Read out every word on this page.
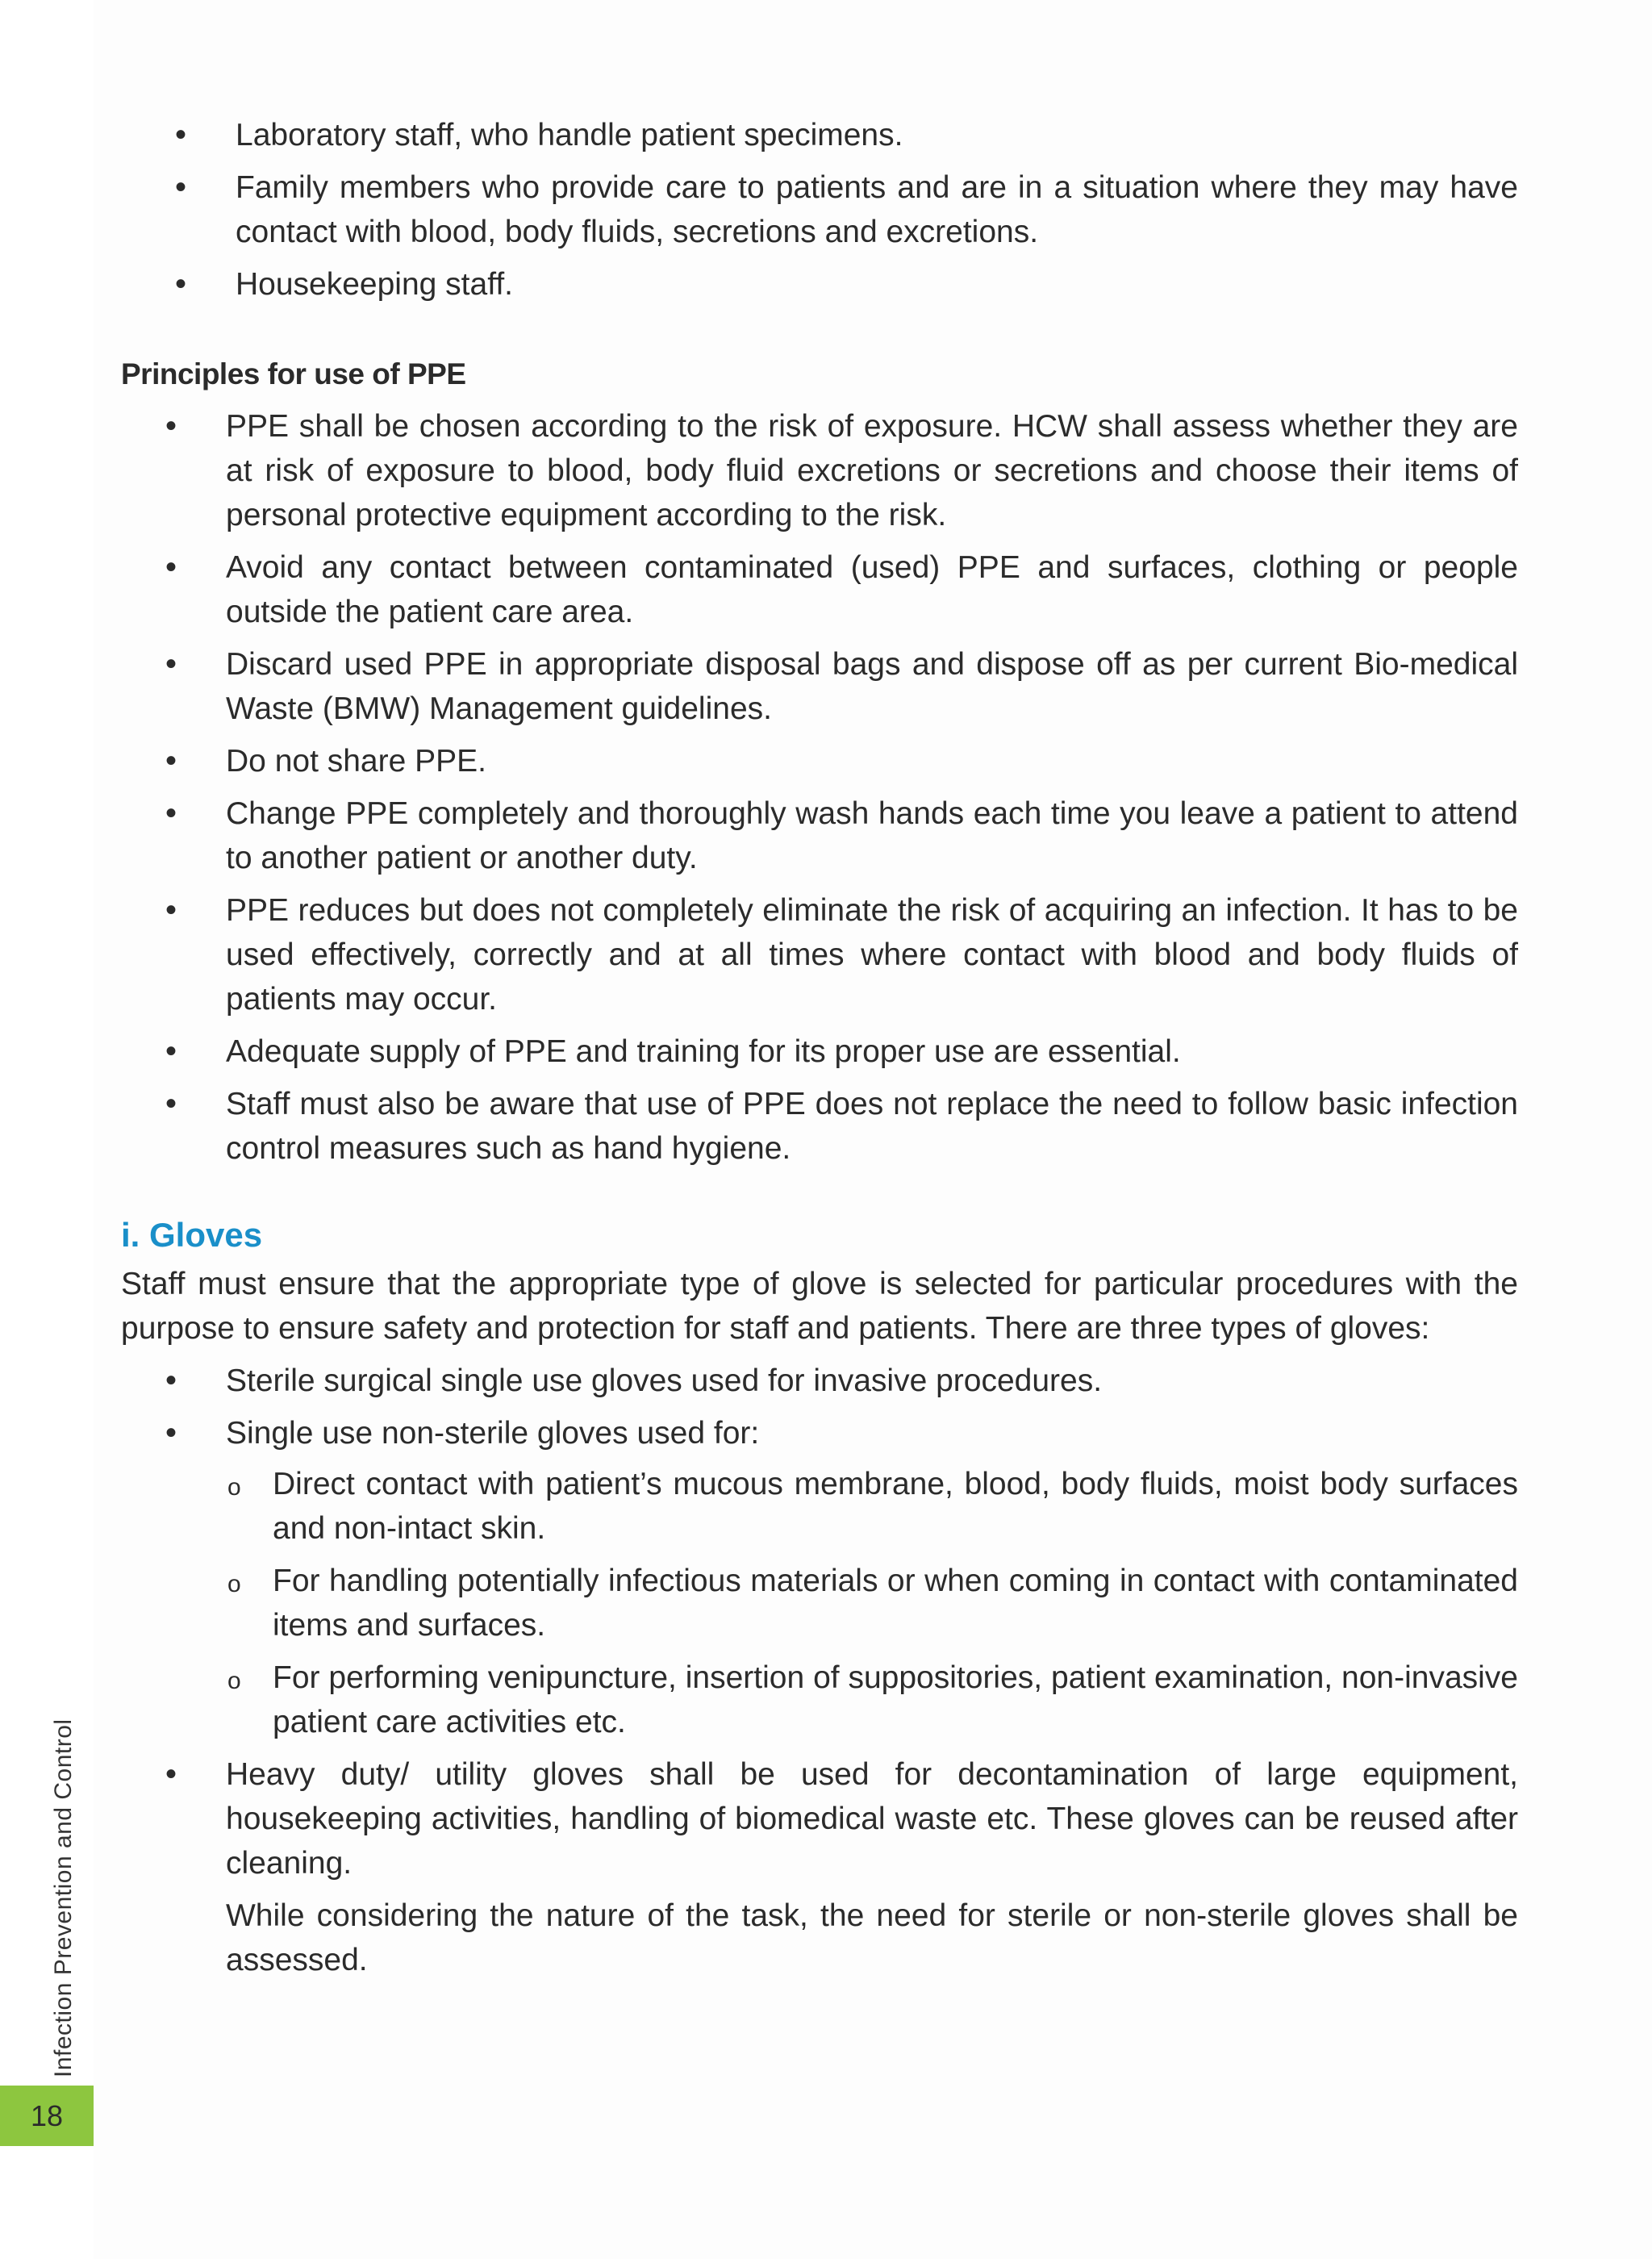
• Laboratory staff, who handle patient specimens.
• Family members who provide care to patients and are in a situation where they may have contact with blood, body fluids, secretions and excretions.
• Housekeeping staff.
Principles for use of PPE
• PPE shall be chosen according to the risk of exposure. HCW shall assess whether they are at risk of exposure to blood, body fluid excretions or secretions and choose their items of personal protective equipment according to the risk.
• Avoid any contact between contaminated (used) PPE and surfaces, clothing or people outside the patient care area.
• Discard used PPE in appropriate disposal bags and dispose off as per current Bio-medical Waste (BMW) Management guidelines.
• Do not share PPE.
• Change PPE completely and thoroughly wash hands each time you leave a patient to attend to another patient or another duty.
• PPE reduces but does not completely eliminate the risk of acquiring an infection. It has to be used effectively, correctly and at all times where contact with blood and body fluids of patients may occur.
• Adequate supply of PPE and training for its proper use are essential.
• Staff must also be aware that use of PPE does not replace the need to follow basic infection control measures such as hand hygiene.
i. Gloves

Staff must ensure that the appropriate type of glove is selected for particular procedures with the purpose to ensure safety and protection for staff and patients. There are three types of gloves:

• Sterile surgical single use gloves used for invasive procedures.
• Single use non-sterile gloves used for:
o Direct contact with patient’s mucous membrane, blood, body fluids, moist body surfaces and non-intact skin.
o For handling potentially infectious materials or when coming in contact with contaminated items and surfaces.
o For performing venipuncture, insertion of suppositories, patient examination, non-invasive patient care activities etc.
• Heavy duty/ utility gloves shall be used for decontamination of large equipment, housekeeping activities, handling of biomedical waste etc. These gloves can be reused after cleaning.

While considering the nature of the task, the need for sterile or non-sterile gloves shall be assessed.

Infection Prevention and Control
18
